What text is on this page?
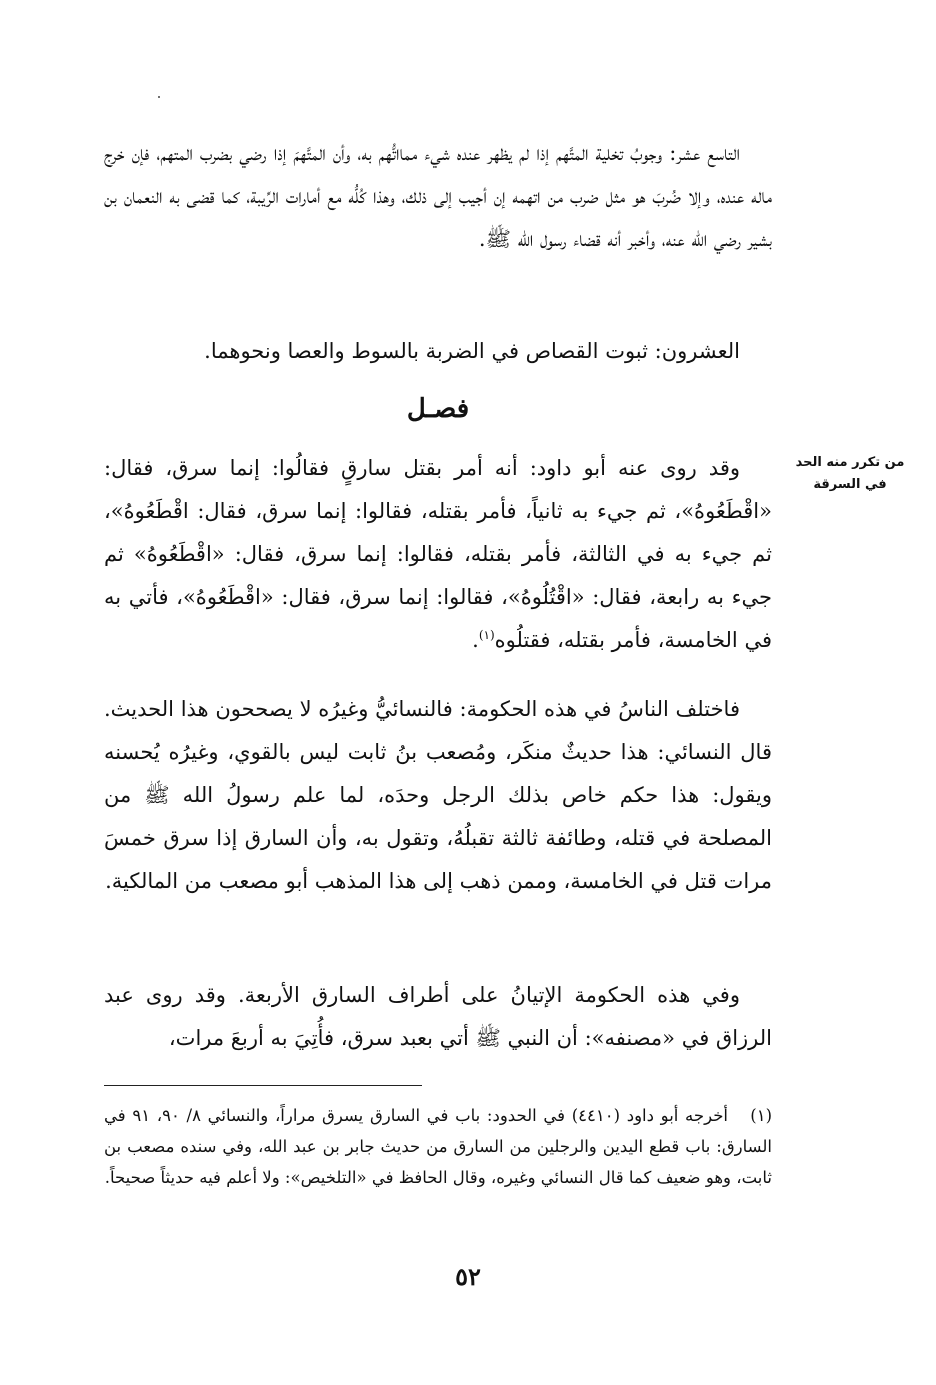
التاسع عشر: وجوبُ تخلية المتَّهم إذا لم يظهر عنده شيء ممااتُّهم به، وأن المتَّهمَ إذا رضي بضرب المتهم، فإن خرج ماله عنده، وإلا ضُربَ هو مثل ضرب من اتهمه إن أجيب إلى ذلك، وهذا كُلُّه مع أمارات الرِّيبة، كما قضى به النعمان بن بشير رضي الله عنه، وأخبر أنه قضاء رسول الله ﷺ.

العشرون: ثبوت القصاص في الضربة بالسوط والعصا ونحوهما.

فصـل
من تكرر منه الحد في السرقة

وقد روى عنه أبو داود: أنه أمر بقتل سارقٍ فقالُوا: إنما سرق، فقال: «اقْطَعُوهُ»، ثم جيء به ثانياً، فأمر بقتله، فقالوا: إنما سرق، فقال: اقْطَعُوهُ»، ثم جيء به في الثالثة، فأمر بقتله، فقالوا: إنما سرق، فقال: «اقْطَعُوهُ» ثم جيء به رابعة، فقال: «اقْتُلُوهُ»، فقالوا: إنما سرق، فقال: «اقْطَعُوهُ»، فأتي به في الخامسة، فأمر بقتله، فقتلُوه$^{(١)}$.

فاختلف الناسُ في هذه الحكومة: فالنسائيُّ وغيرُه لا يصححون هذا الحديث. قال النسائي: هذا حديثٌ منكَر، ومُصعب بنُ ثابت ليس بالقوي، وغيرُه يُحسنه ويقول: هذا حكم خاص بذلك الرجل وحدَه، لما علم رسولُ الله ﷺ من المصلحة في قتله، وطائفة ثالثة تقبلُهُ، وتقول به، وأن السارق إذا سرق خمسَ مرات قتل في الخامسة، وممن ذهب إلى هذا المذهب أبو مصعب من المالكية.

وفي هذه الحكومة الإتيانُ على أطراف السارق الأربعة. وقد روى عبد الرزاق في «مصنفه»: أن النبي ﷺ أتي بعبد سرق، فأُتِيَ به أربعَ مرات،

(١)أخرجه أبو داود (٤٤١٠) في الحدود: باب في السارق يسرق مراراً، والنسائي ٨/ ٩٠، ٩١ في السارق: باب قطع اليدين والرجلين من السارق من حديث جابر بن عبد الله، وفي سنده مصعب بن ثابت، وهو ضعيف كما قال النسائي وغيره، وقال الحافظ في «التلخيص»: ولا أعلم فيه حديثاً صحيحاً.

٥٢
